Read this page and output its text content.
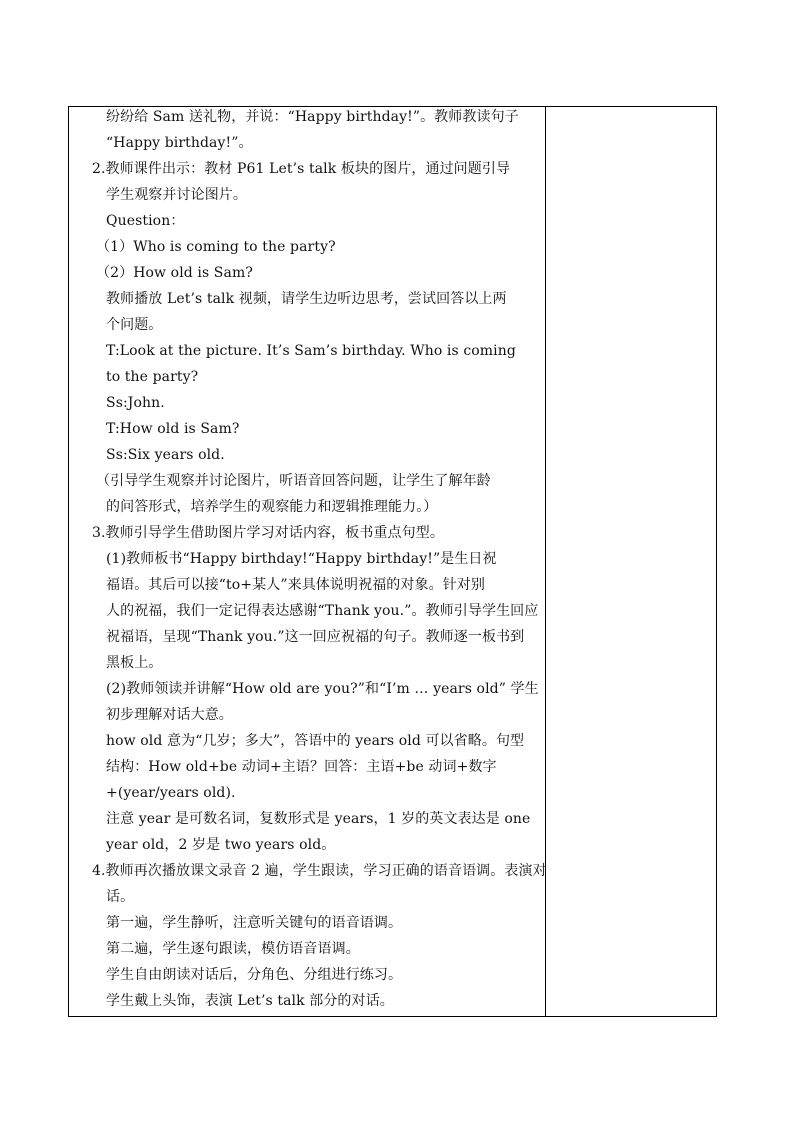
纷纷给 Sam 送礼物，并说：“Happy birthday!”。教师教读句子
“Happy birthday!”。
2.教师课件出示：教材 P61 Let’s talk 板块的图片，通过问题引导
学生观察并讨论图片。
Question：
（1）Who is coming to the party?
（2）How old is Sam?
教师播放 Let’s talk 视频，请学生边听边思考，尝试回答以上两
个问题。
T:Look at the picture. It’s Sam’s birthday. Who is coming
to the party?
Ss:John.
T:How old is Sam?
Ss:Six years old.
（引导学生观察并讨论图片，听语音回答问题，让学生了解年龄
的问答形式，培养学生的观察能力和逻辑推理能力。）
3.教师引导学生借助图片学习对话内容，板书重点句型。
(1)教师板书“Happy birthday!“Happy birthday!”是生日祝
福语。其后可以接“to+某人”来具体说明祝福的对象。针对别
人的祝福，我们一定记得表达感谢“Thank you.”。教师引导学生回应
祝福语，呈现“Thank you.”这一回应祝福的句子。教师逐一板书到
黑板上。
(2)教师领读并讲解“How old are you?”和“I’m … years old” 学生
初步理解对话大意。
how old 意为“几岁；多大”，答语中的 years old 可以省略。句型
结构：How old+be 动词+主语？回答：主语+be 动词+数字
+(year/years old).
注意 year 是可数名词，复数形式是 years，1 岁的英文表达是 one
year old，2 岁是 two years old。
4.教师再次播放课文录音 2 遍，学生跟读，学习正确的语音语调。表演对
话。
第一遍，学生静听，注意听关键句的语音语调。
第二遍，学生逐句跟读，模仿语音语调。
学生自由朗读对话后，分角色、分组进行练习。
学生戴上头饰，表演 Let’s talk 部分的对话。
